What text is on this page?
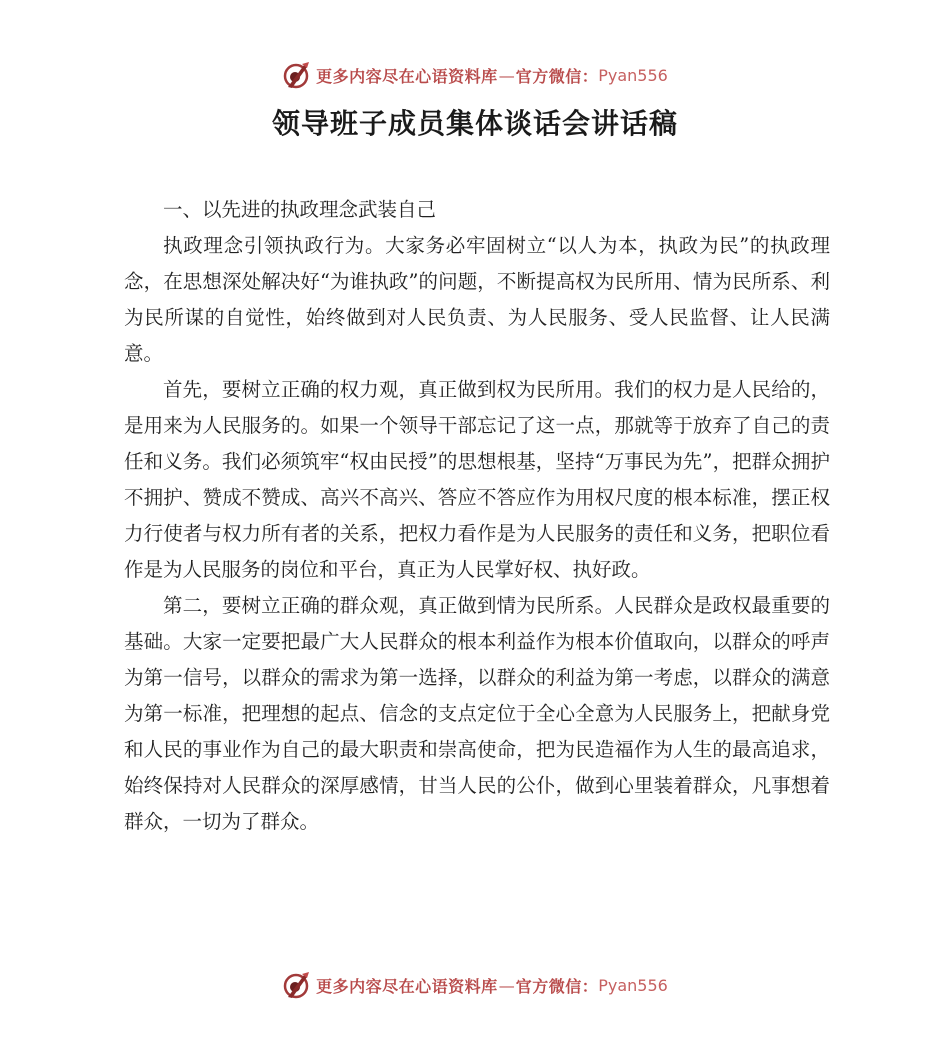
更多内容尽在心语资料库 — 官方微信： Pyan556
领导班子成员集体谈话会讲话稿

一、以先进的执政理念武装自己

执政理念引领执政行为。大家务必牢固树立“以人为本，执政为民”的执政理念，在思想深处解决好“为谁执政”的问题，不断提高权为民所用、情为民所系、利为民所谋的自觉性，始终做到对人民负责、为人民服务、受人民监督、让人民满意。

首先，要树立正确的权力观，真正做到权为民所用。我们的权力是人民给的，是用来为人民服务的。如果一个领导干部忘记了这一点，那就等于放弃了自己的责任和义务。我们必须筑牢“权由民授”的思想根基，坚持“万事民为先”，把群众拥护不拥护、赞成不赞成、高兴不高兴、答应不答应作为用权尺度的根本标准，摆正权力行使者与权力所有者的关系，把权力看作是为人民服务的责任和义务，把职位看作是为人民服务的岗位和平台，真正为人民掌好权、执好政。

第二，要树立正确的群众观，真正做到情为民所系。人民群众是政权最重要的基础。大家一定要把最广大人民群众的根本利益作为根本价值取向，以群众的呼声为第一信号，以群众的需求为第一选择，以群众的利益为第一考虑，以群众的满意为第一标准，把理想的起点、信念的支点定位于全心全意为人民服务上，把献身党和人民的事业作为自己的最大职责和崇高使命，把为民造福作为人生的最高追求，始终保持对人民群众的深厚感情，甘当人民的公仆，做到心里装着群众，凡事想着群众，一切为了群众。

更多内容尽在心语资料库 — 官方微信： Pyan556
